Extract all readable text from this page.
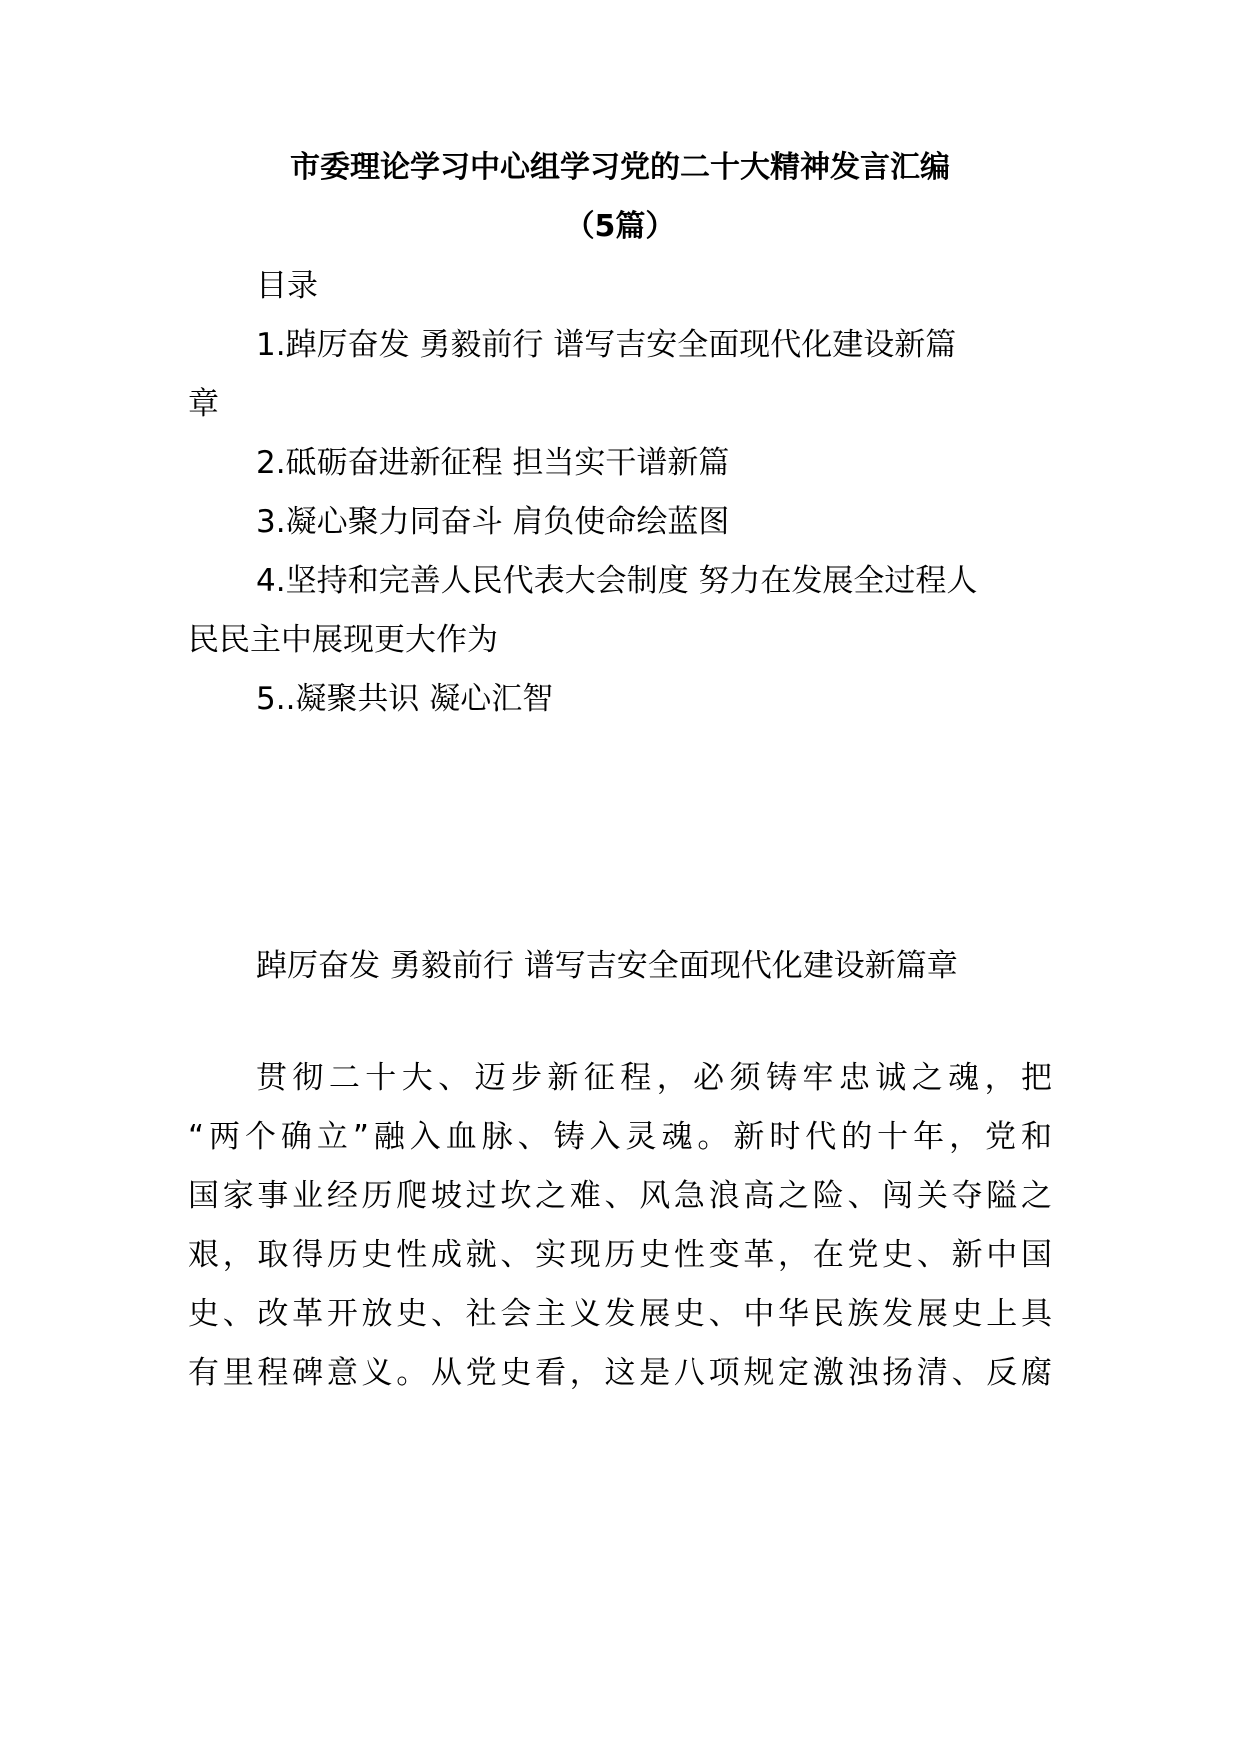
市委理论学习中心组学习党的二十大精神发言汇编
（5篇）
目录
1.踔厉奋发 勇毅前行 谱写吉安全面现代化建设新篇
章
2.砥砺奋进新征程 担当实干谱新篇
3.凝心聚力同奋斗 肩负使命绘蓝图
4.坚持和完善人民代表大会制度 努力在发展全过程人
民民主中展现更大作为
5..凝聚共识 凝心汇智
踔厉奋发 勇毅前行 谱写吉安全面现代化建设新篇章
贯彻二十大、迈步新征程，必须铸牢忠诚之魂，把
“两个确立”融入血脉、铸入灵魂。新时代的十年，党和
国家事业经历爬坡过坎之难、风急浪高之险、闯关夺隘之
艰，取得历史性成就、实现历史性变革，在党史、新中国
史、改革开放史、社会主义发展史、中华民族发展史上具
有里程碑意义。从党史看，这是八项规定激浊扬清、反腐
